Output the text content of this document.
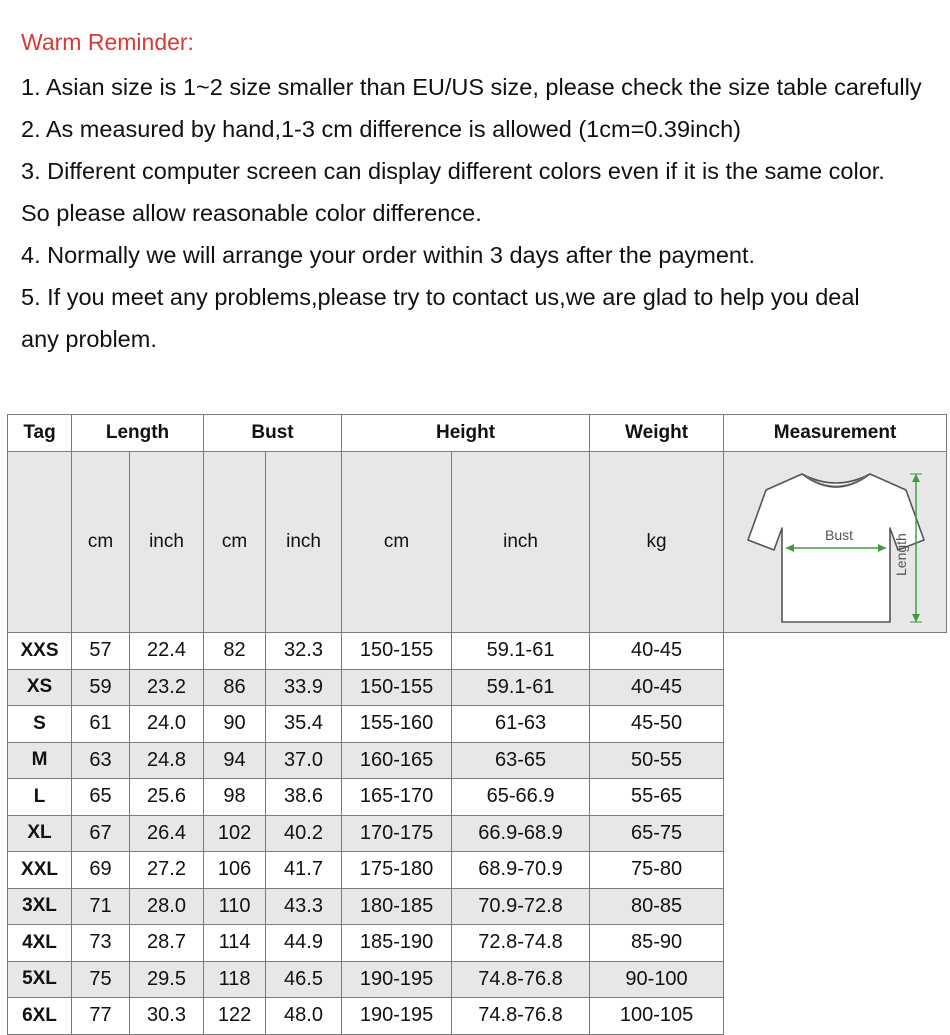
Warm Reminder:
1. Asian size is 1~2 size smaller than EU/US size, please check the size table carefully
2. As measured by hand,1-3 cm difference is allowed (1cm=0.39inch)
3. Different computer screen can display different colors even if it is the same color.
So please allow reasonable color difference.
4. Normally we will arrange your order within 3 days after the payment.
5. If you meet any problems,please try to contact us,we are glad to help you deal
any problem.
Tag	Length		Bust		Height		Weight	Measurement
	cm	inch	cm	inch	cm	inch	kg	Bust Length

XXS	57	22.4	82	32.3	150-155	59.1-61	40-45	
XS	59	23.2	86	33.9	150-155	59.1-61	40-45	
S	61	24.0	90	35.4	155-160	61-63	45-50	
M	63	24.8	94	37.0	160-165	63-65	50-55	
L	65	25.6	98	38.6	165-170	65-66.9	55-65	
XL	67	26.4	102	40.2	170-175	66.9-68.9	65-75	
XXL	69	27.2	106	41.7	175-180	68.9-70.9	75-80	
3XL	71	28.0	110	43.3	180-185	70.9-72.8	80-85	
4XL	73	28.7	114	44.9	185-190	72.8-74.8	85-90	
5XL	75	29.5	118	46.5	190-195	74.8-76.8	90-100	
6XL	77	30.3	122	48.0	190-195	74.8-76.8	100-105	
